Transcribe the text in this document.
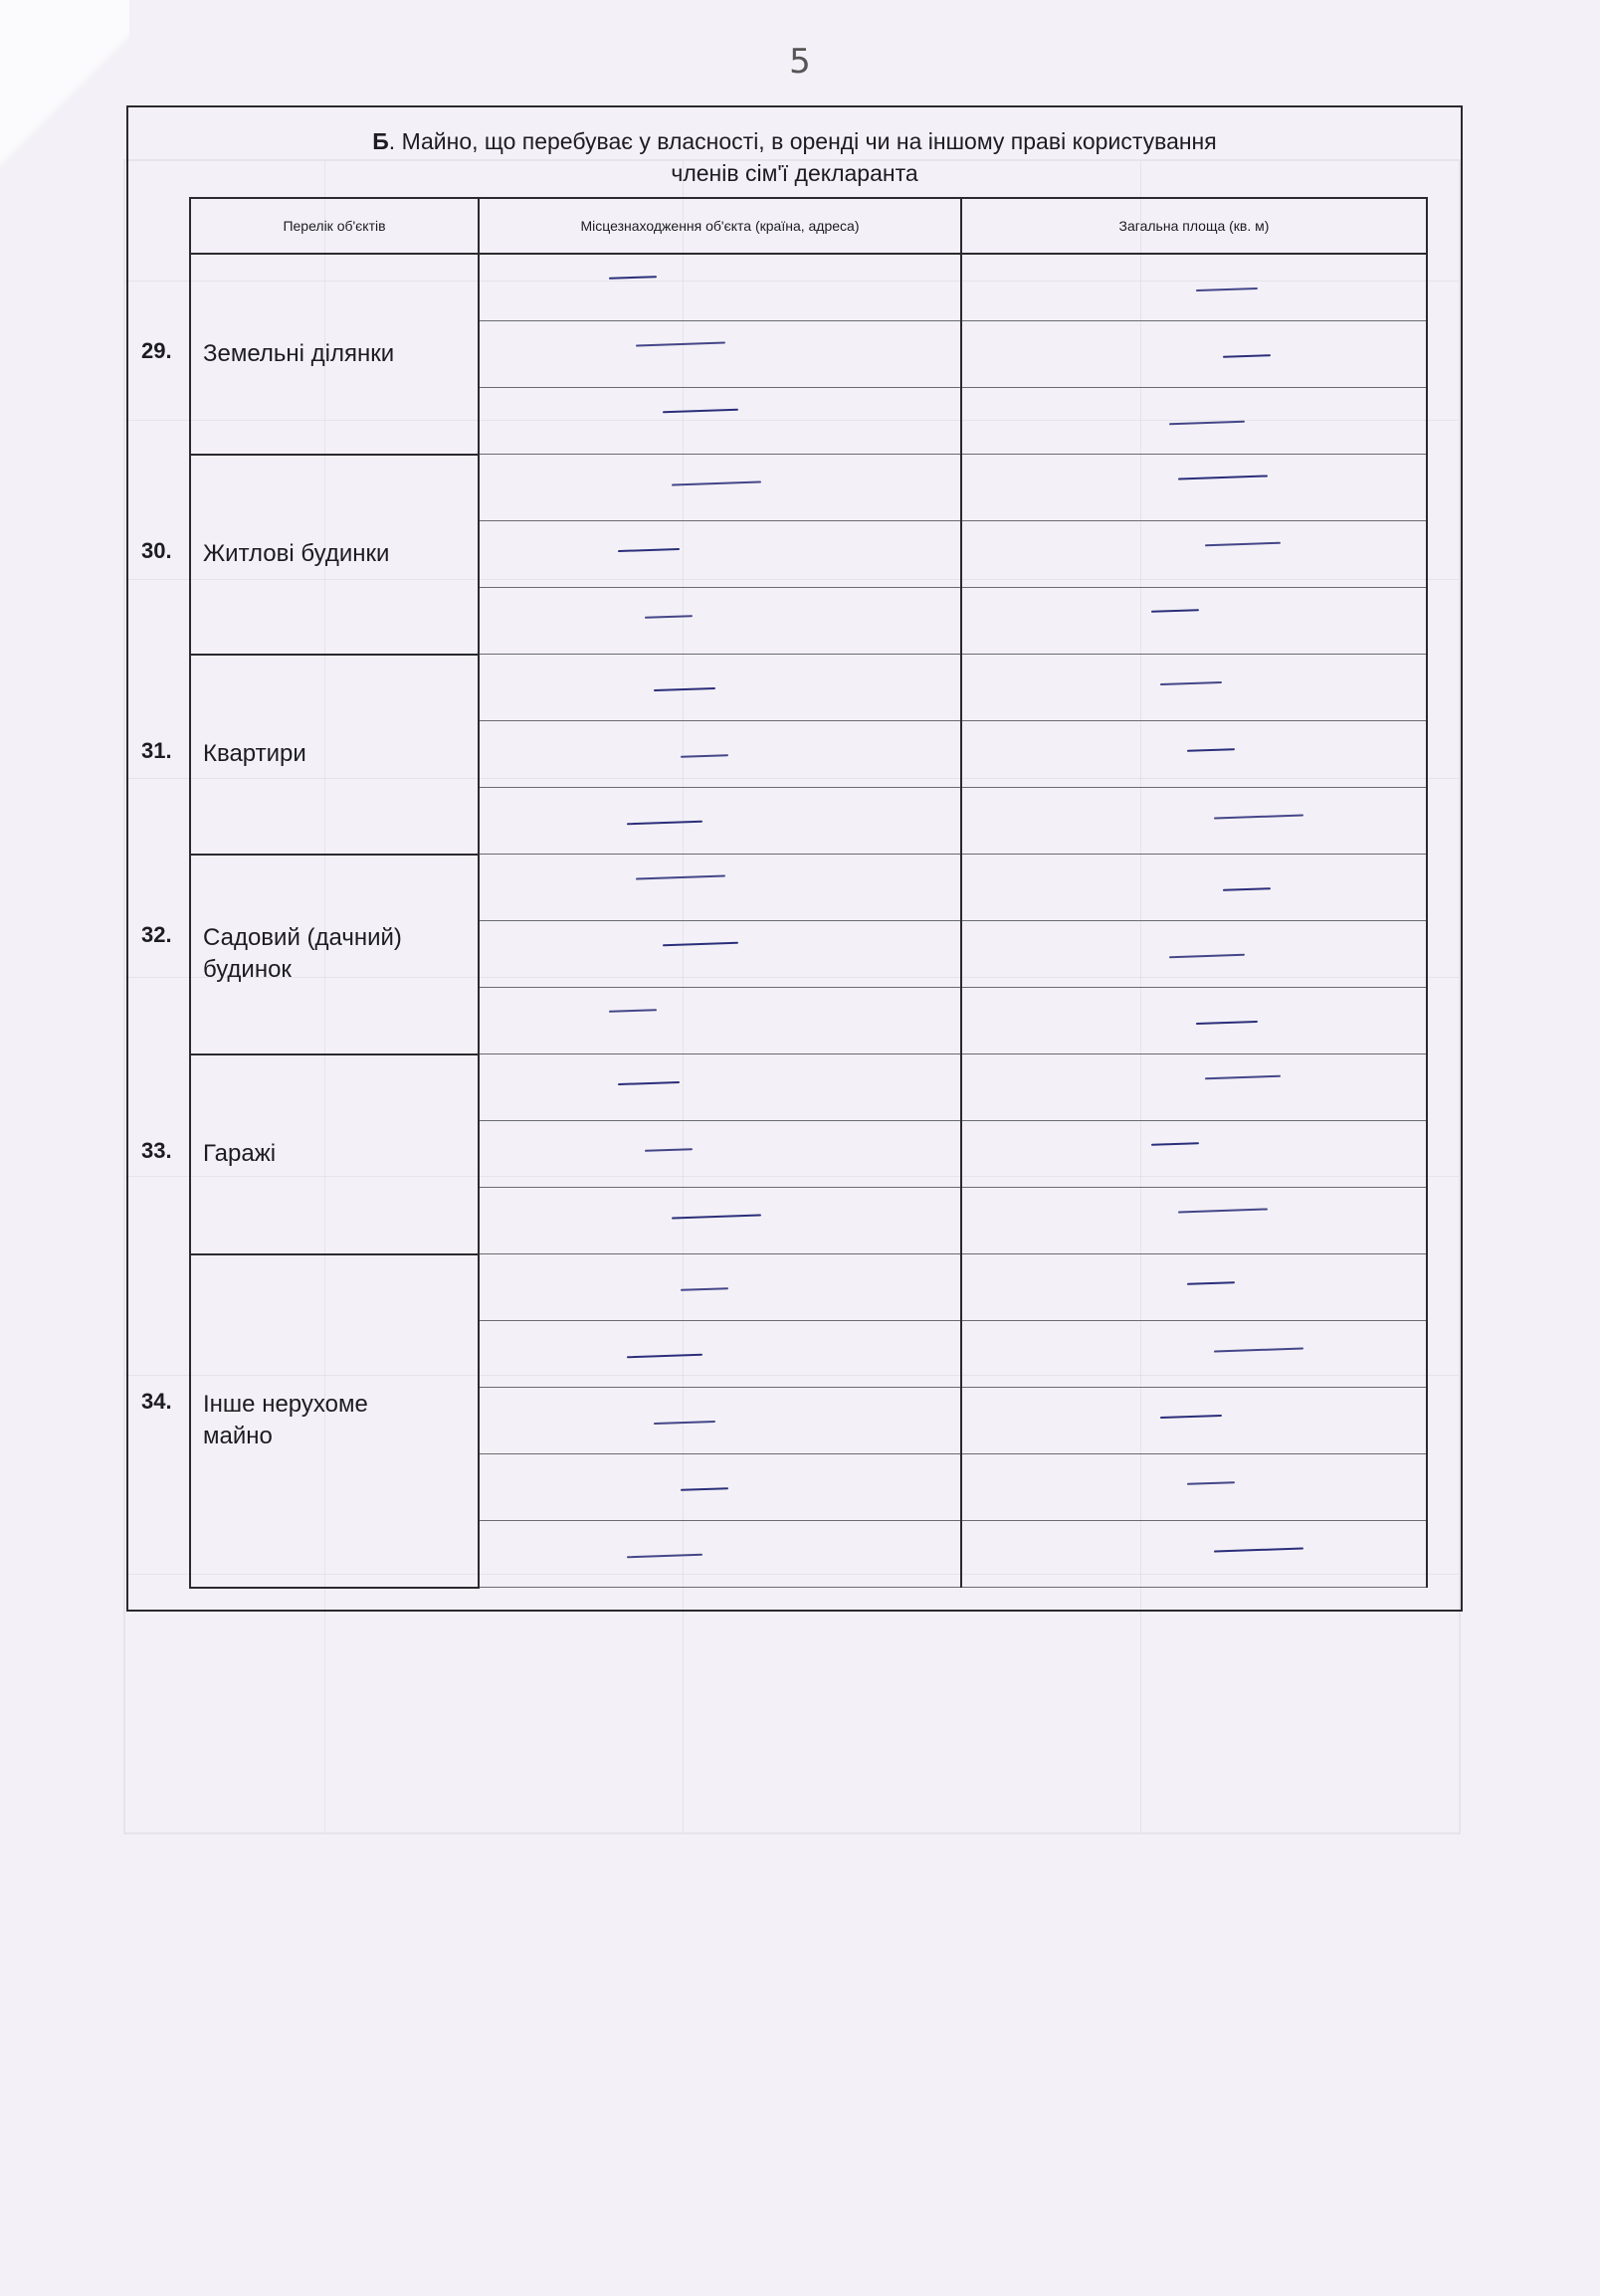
5
Б. Майно, що перебуває у власності, в оренді чи на іншому праві користування
членів сім'ї декларанта
Перелік об'єктів	Місцезнаходження об'єкта (країна, адреса)	Загальна площа (кв. м)

29. Земельні ділянки		

30. Житлові будинки		

31. Квартири		

32. Садовий (дачний)
будинок		

33. Гаражі		

34. Інше нерухоме
майно		
